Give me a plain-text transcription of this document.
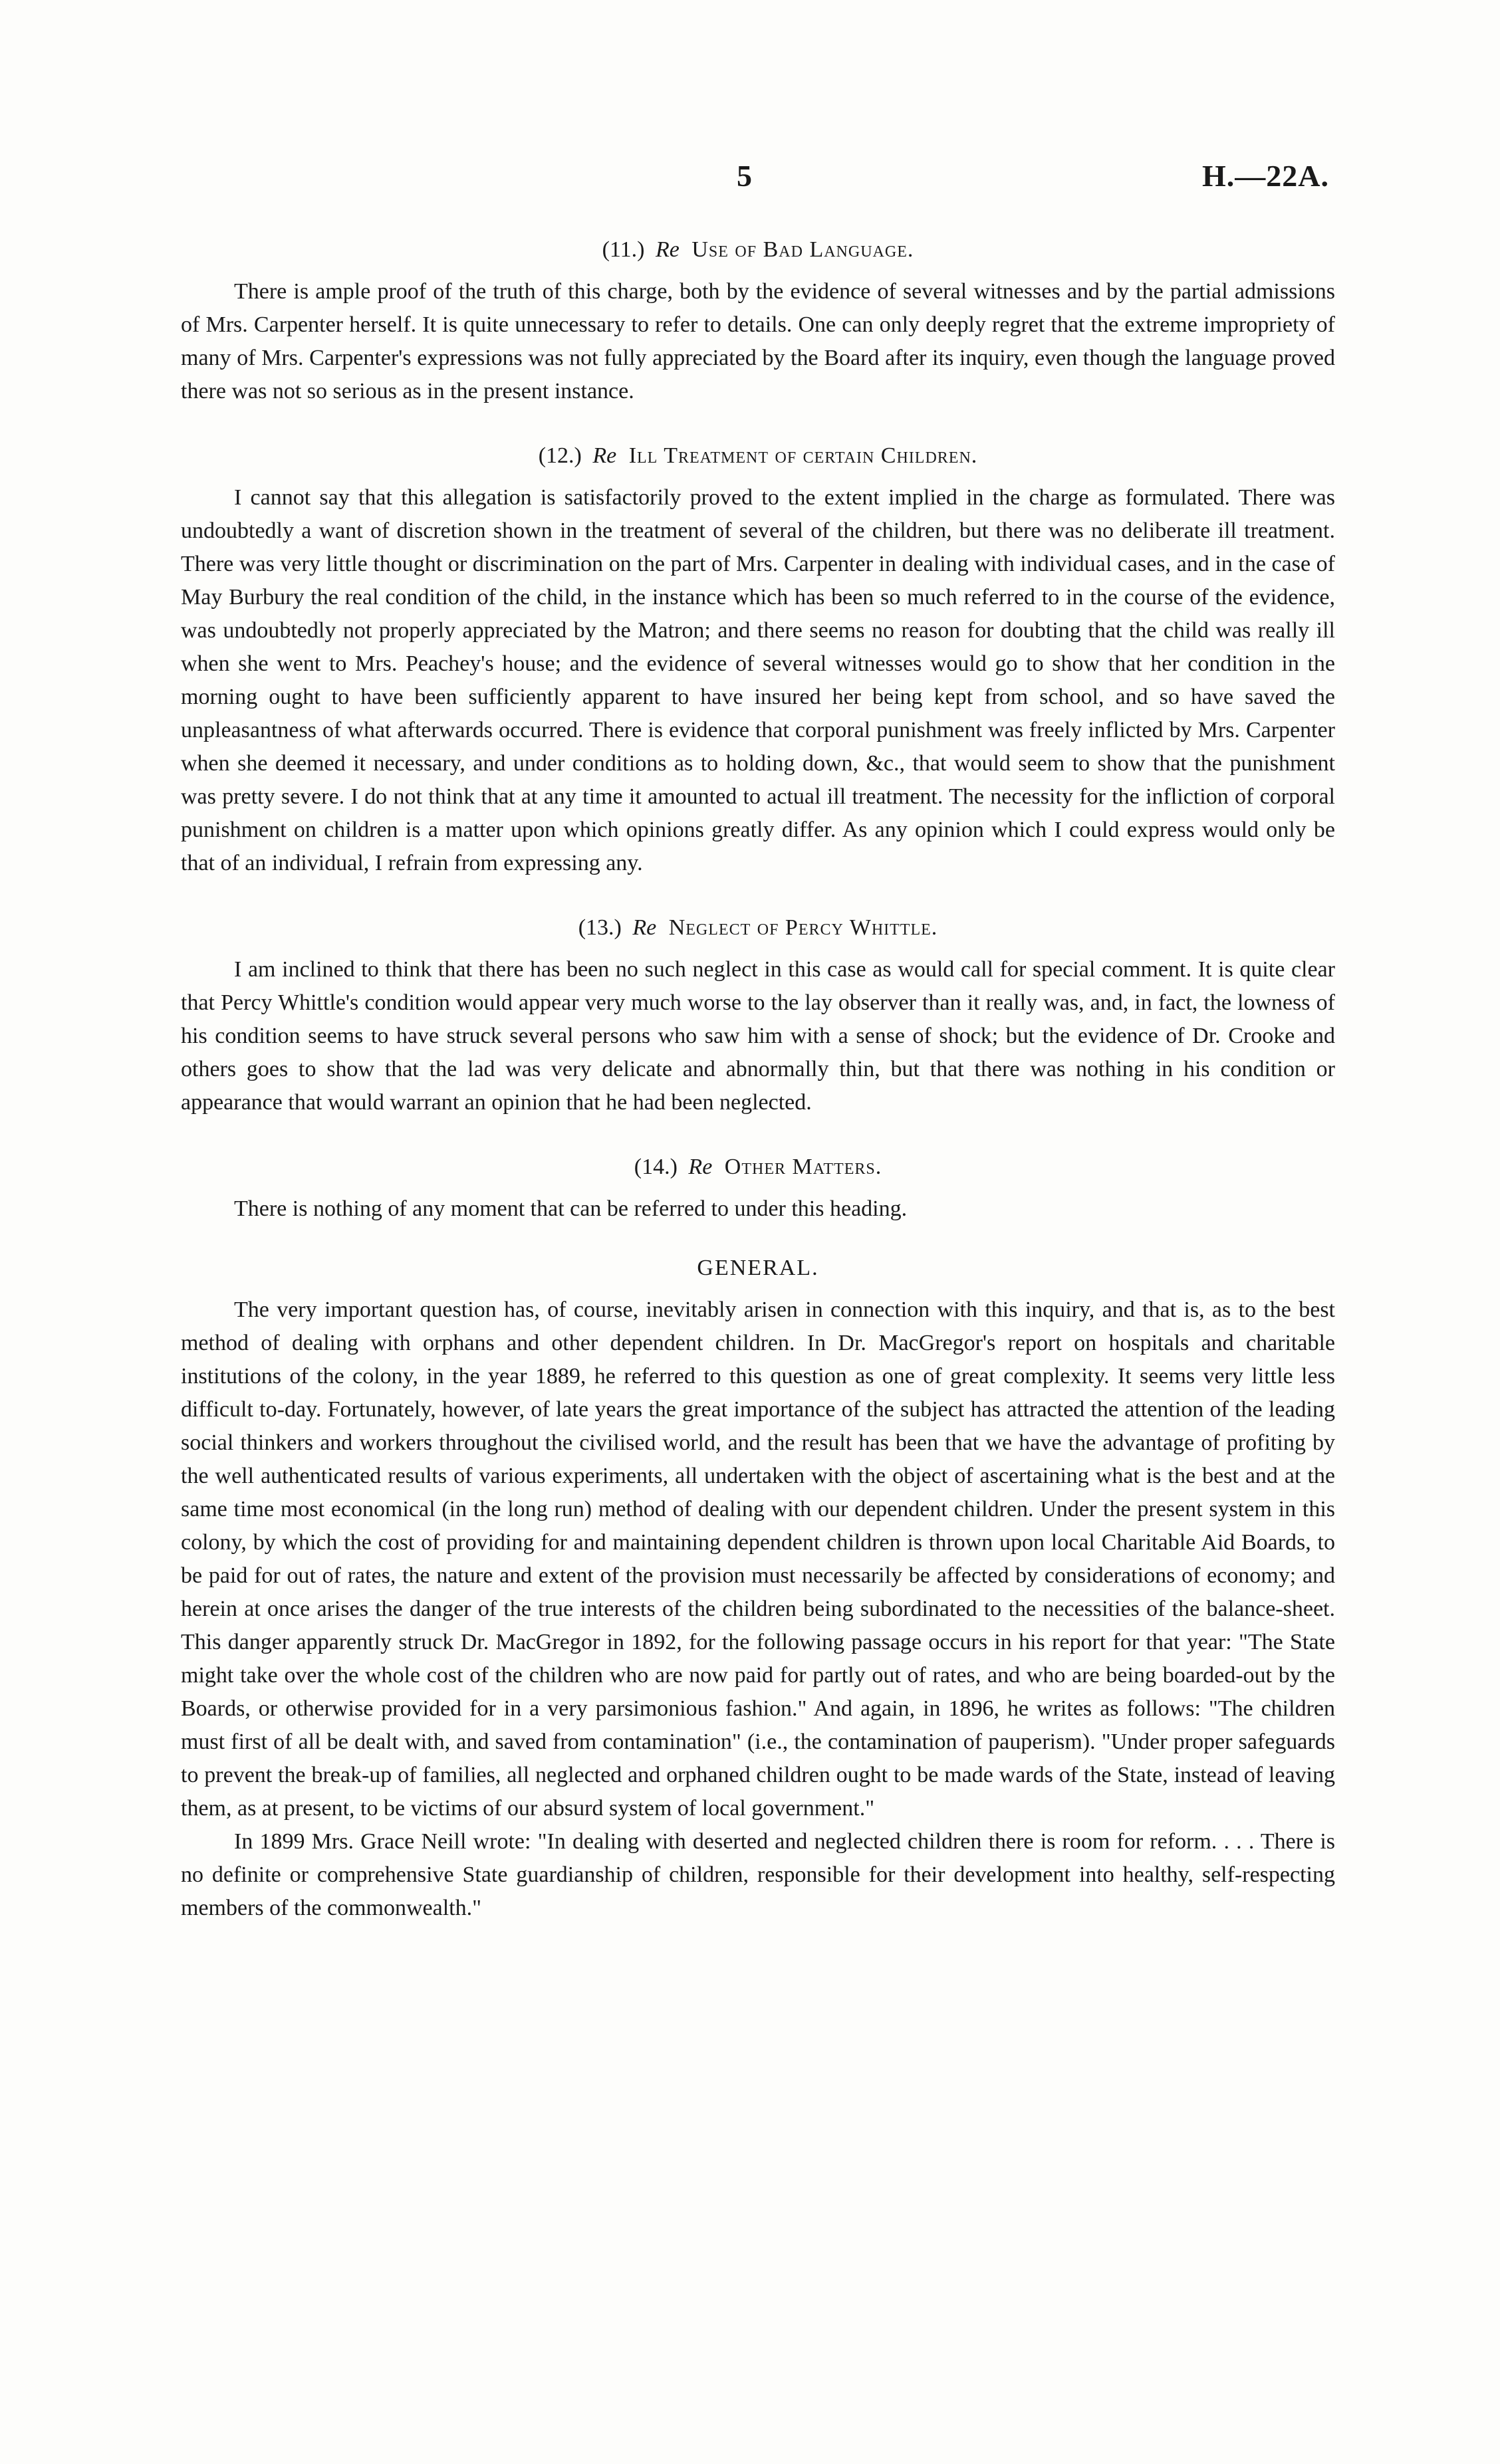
5	H.—22A.
(11.) Re Use of Bad Language.

There is ample proof of the truth of this charge, both by the evidence of several witnesses and by the partial admissions of Mrs. Carpenter herself. It is quite unnecessary to refer to details. One can only deeply regret that the extreme impropriety of many of Mrs. Carpenter's expressions was not fully appreciated by the Board after its inquiry, even though the language proved there was not so serious as in the present instance.

(12.) Re Ill Treatment of certain Children.

I cannot say that this allegation is satisfactorily proved to the extent implied in the charge as formulated. There was undoubtedly a want of discretion shown in the treatment of several of the children, but there was no deliberate ill treatment. There was very little thought or discrimination on the part of Mrs. Carpenter in dealing with individual cases, and in the case of May Burbury the real condition of the child, in the instance which has been so much referred to in the course of the evidence, was undoubtedly not properly appreciated by the Matron; and there seems no reason for doubting that the child was really ill when she went to Mrs. Peachey's house; and the evidence of several witnesses would go to show that her condition in the morning ought to have been sufficiently apparent to have insured her being kept from school, and so have saved the unpleasantness of what afterwards occurred. There is evidence that corporal punishment was freely inflicted by Mrs. Carpenter when she deemed it necessary, and under conditions as to holding down, &c., that would seem to show that the punishment was pretty severe. I do not think that at any time it amounted to actual ill treatment. The necessity for the infliction of corporal punishment on children is a matter upon which opinions greatly differ. As any opinion which I could express would only be that of an individual, I refrain from expressing any.

(13.) Re Neglect of Percy Whittle.

I am inclined to think that there has been no such neglect in this case as would call for special comment. It is quite clear that Percy Whittle's condition would appear very much worse to the lay observer than it really was, and, in fact, the lowness of his condition seems to have struck several persons who saw him with a sense of shock; but the evidence of Dr. Crooke and others goes to show that the lad was very delicate and abnormally thin, but that there was nothing in his condition or appearance that would warrant an opinion that he had been neglected.

(14.) Re Other Matters.

There is nothing of any moment that can be referred to under this heading.

GENERAL.

The very important question has, of course, inevitably arisen in connection with this inquiry, and that is, as to the best method of dealing with orphans and other dependent children. In Dr. MacGregor's report on hospitals and charitable institutions of the colony, in the year 1889, he referred to this question as one of great complexity. It seems very little less difficult to-day. Fortunately, however, of late years the great importance of the subject has attracted the attention of the leading social thinkers and workers throughout the civilised world, and the result has been that we have the advantage of profiting by the well authenticated results of various experiments, all undertaken with the object of ascertaining what is the best and at the same time most economical (in the long run) method of dealing with our dependent children. Under the present system in this colony, by which the cost of providing for and maintaining dependent children is thrown upon local Charitable Aid Boards, to be paid for out of rates, the nature and extent of the provision must necessarily be affected by considerations of economy; and herein at once arises the danger of the true interests of the children being subordinated to the necessities of the balance-sheet. This danger apparently struck Dr. MacGregor in 1892, for the following passage occurs in his report for that year: "The State might take over the whole cost of the children who are now paid for partly out of rates, and who are being boarded-out by the Boards, or otherwise provided for in a very parsimonious fashion." And again, in 1896, he writes as follows: "The children must first of all be dealt with, and saved from contamination" (i.e., the contamination of pauperism). "Under proper safeguards to prevent the break-up of families, all neglected and orphaned children ought to be made wards of the State, instead of leaving them, as at present, to be victims of our absurd system of local government."

In 1899 Mrs. Grace Neill wrote: "In dealing with deserted and neglected children there is room for reform. . . . There is no definite or comprehensive State guardianship of children, responsible for their development into healthy, self-respecting members of the commonwealth."
